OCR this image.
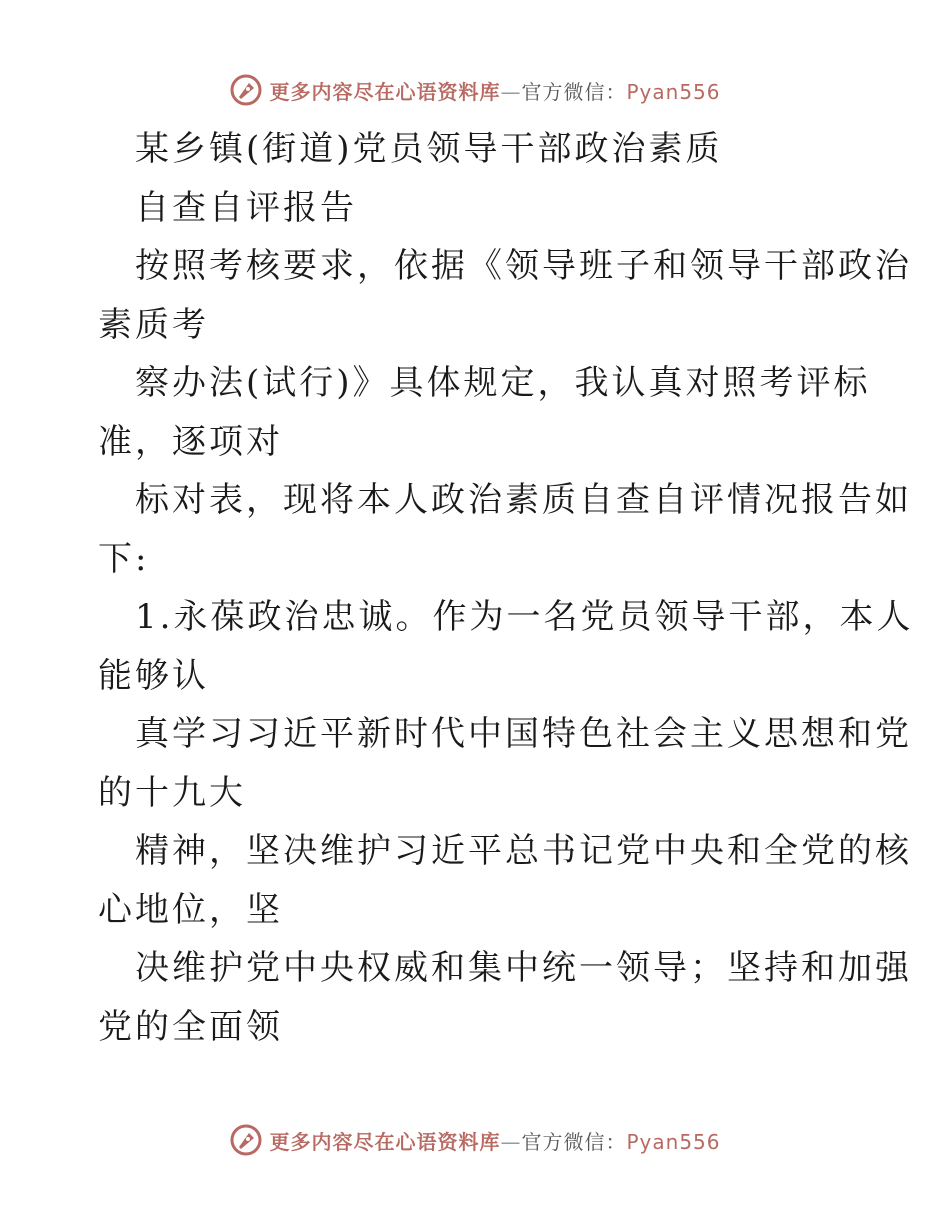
更多内容尽在心语资料库—官方微信：Pyan556
某乡镇(街道)党员领导干部政治素质
自查自评报告
按照考核要求，依据《领导班子和领导干部政治
素质考
察办法(试行)》具体规定，我认真对照考评标
准，逐项对
标对表，现将本人政治素质自查自评情况报告如
下:
1.永葆政治忠诚。作为一名党员领导干部，本人
能够认
真学习习近平新时代中国特色社会主义思想和党
的十九大
精神，坚决维护习近平总书记党中央和全党的核
心地位，坚
决维护党中央权威和集中统一领导；坚持和加强
党的全面领
更多内容尽在心语资料库—官方微信：Pyan556
